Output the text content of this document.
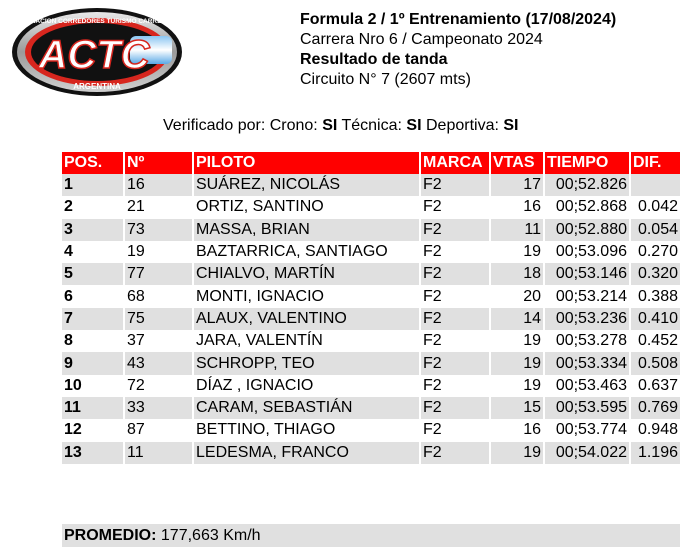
ASOCIACION CORREDORES TURISMO CARRETERA
ACTC
ARGENTINA
Formula 2 / 1º Entrenamiento (17/08/2024)
Carrera Nro 6 / Campeonato 2024
Resultado de tanda
Circuito N° 7 (2607 mts)
Verificado por: Crono: SI Técnica: SI Deportiva: SI
POS.	Nº	PILOTO	MARCA	VTAS	TIEMPO	DIF.
1	16	SUÁREZ, NICOLÁS	F2	17	00;52.826	
2	21	ORTIZ, SANTINO	F2	16	00;52.868	0.042
3	73	MASSA, BRIAN	F2	11	00;52.880	0.054
4	19	BAZTARRICA, SANTIAGO	F2	19	00;53.096	0.270
5	77	CHIALVO, MARTÍN	F2	18	00;53.146	0.320
6	68	MONTI, IGNACIO	F2	20	00;53.214	0.388
7	75	ALAUX, VALENTINO	F2	14	00;53.236	0.410
8	37	JARA, VALENTÍN	F2	19	00;53.278	0.452
9	43	SCHROPP, TEO	F2	19	00;53.334	0.508
10	72	DÍAZ , IGNACIO	F2	19	00;53.463	0.637
11	33	CARAM, SEBASTIÁN	F2	15	00;53.595	0.769
12	87	BETTINO, THIAGO	F2	16	00;53.774	0.948
13	11	LEDESMA, FRANCO	F2	19	00;54.022	1.196
PROMEDIO: 177,663 Km/h
